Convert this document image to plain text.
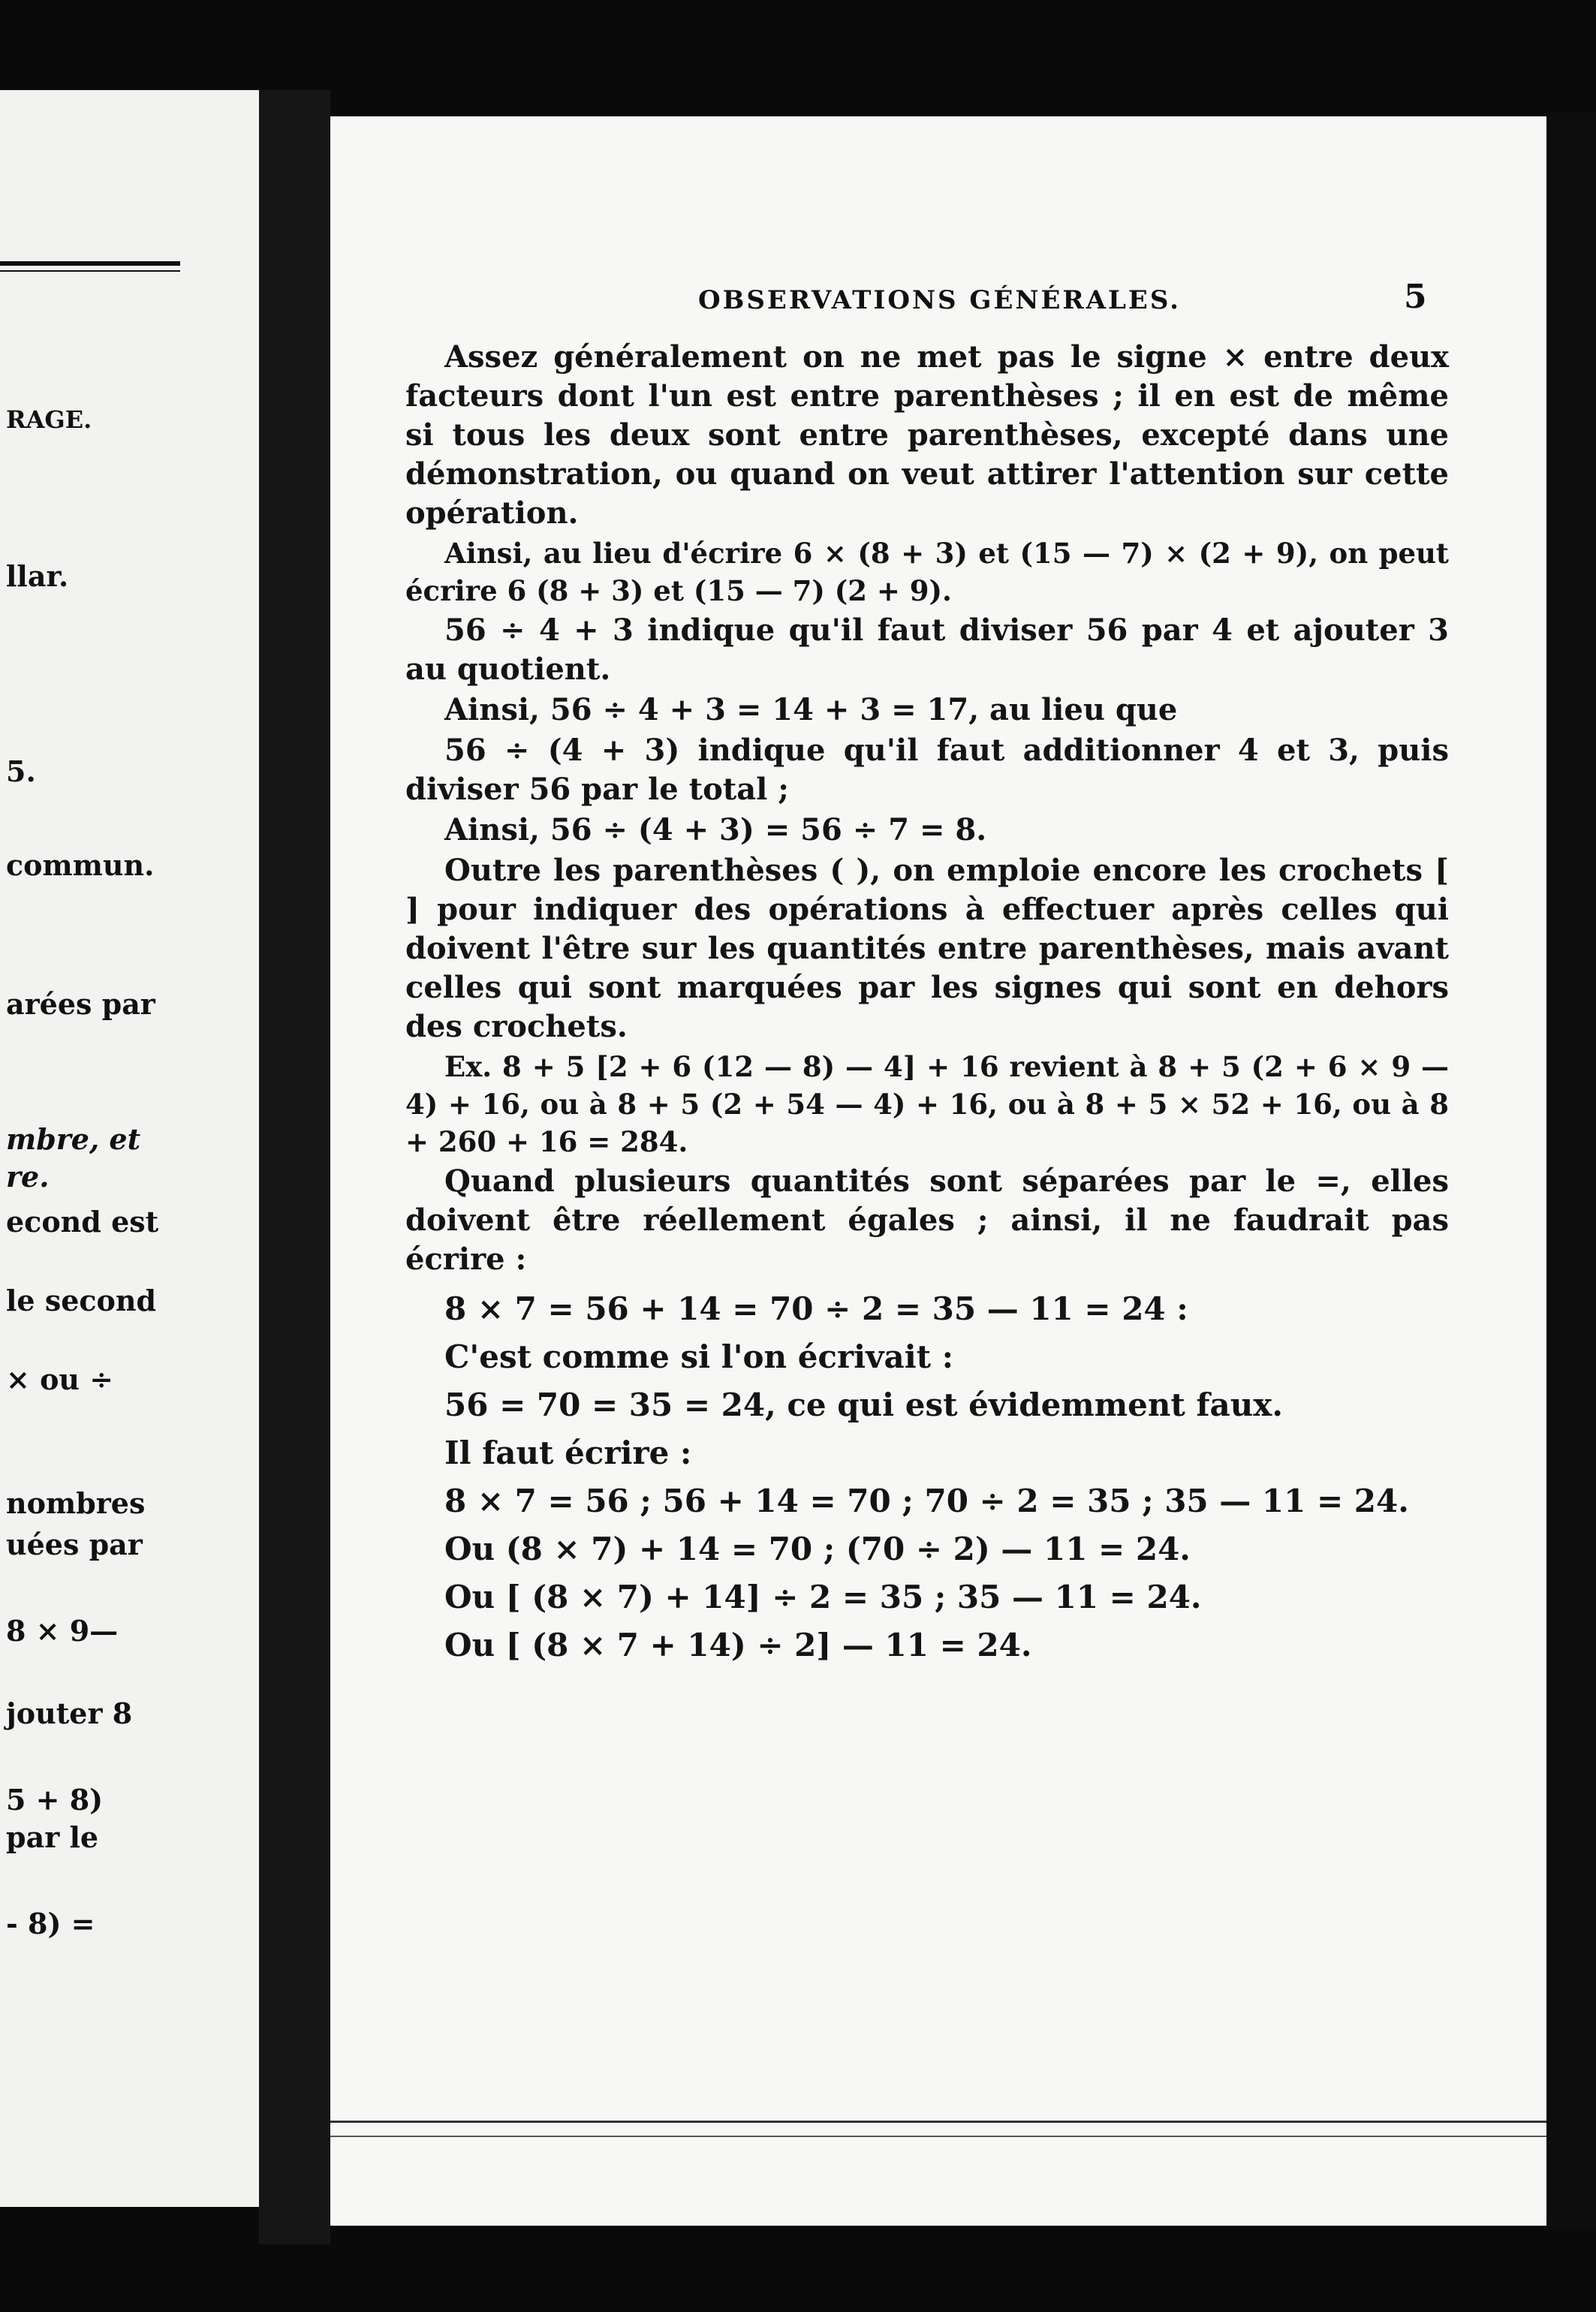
RAGE.
llar.
5.
commun.
arées par
mbre, et
re.
econd est
le second
× ou ÷
nombres
uées par
8 × 9—
jouter 8
5 + 8)
par le
- 8) =
OBSERVATIONS GÉNÉRALES.	5

Assez généralement on ne met pas le signe × entre deux facteurs dont l'un est entre parenthèses ; il en est de même si tous les deux sont entre parenthèses, excepté dans une démonstration, ou quand on veut attirer l'attention sur cette opération.

Ainsi, au lieu d'écrire 6 × (8 + 3) et (15 — 7) × (2 + 9), on peut écrire 6 (8 + 3) et (15 — 7) (2 + 9).

56 ÷ 4 + 3 indique qu'il faut diviser 56 par 4 et ajouter 3 au quotient.

Ainsi, 56 ÷ 4 + 3 = 14 + 3 = 17, au lieu que

56 ÷ (4 + 3) indique qu'il faut additionner 4 et 3, puis diviser 56 par le total ;

Ainsi, 56 ÷ (4 + 3) = 56 ÷ 7 = 8.

Outre les parenthèses ( ), on emploie encore les crochets [ ] pour indiquer des opérations à effectuer après celles qui doivent l'être sur les quantités entre parenthèses, mais avant celles qui sont marquées par les signes qui sont en dehors des crochets.

Ex. 8 + 5 [2 + 6 (12 — 8) — 4] + 16 revient à 8 + 5 (2 + 6 × 9 — 4) + 16, ou à 8 + 5 (2 + 54 — 4) + 16, ou à 8 + 5 × 52 + 16, ou à 8 + 260 + 16 = 284.

Quand plusieurs quantités sont séparées par le =, elles doivent être réellement égales ; ainsi, il ne faudrait pas écrire :

8 × 7 = 56 + 14 = 70 ÷ 2 = 35 — 11 = 24 :

C'est comme si l'on écrivait :

56 = 70 = 35 = 24, ce qui est évidemment faux.

Il faut écrire :

8 × 7 = 56 ; 56 + 14 = 70 ; 70 ÷ 2 = 35 ; 35 — 11 = 24.

Ou (8 × 7) + 14 = 70 ; (70 ÷ 2) — 11 = 24.

Ou [ (8 × 7) + 14] ÷ 2 = 35 ; 35 — 11 = 24.

Ou [ (8 × 7 + 14) ÷ 2] — 11 = 24.
